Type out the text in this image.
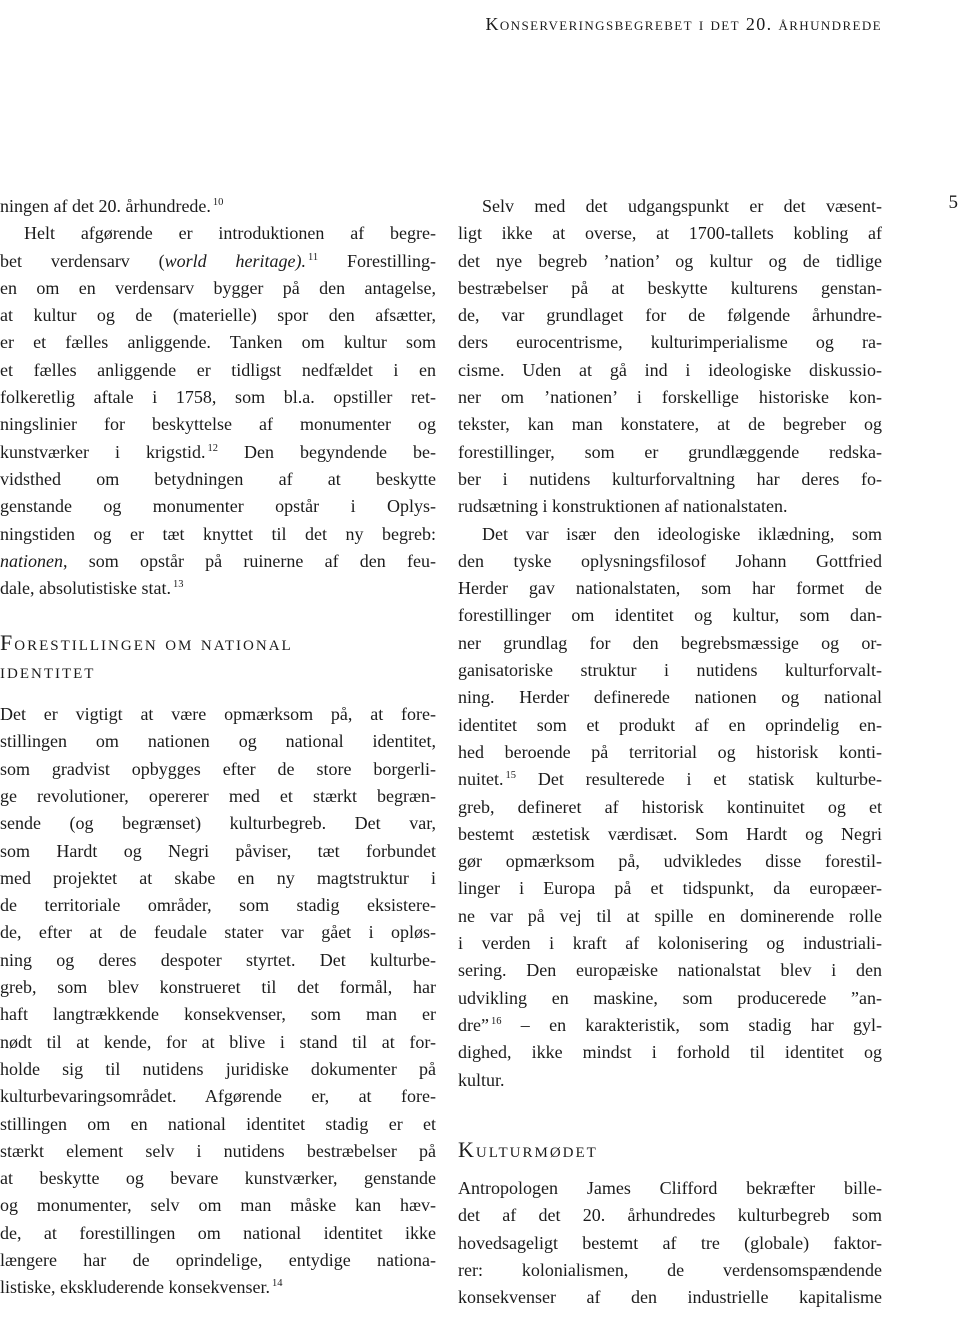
Konserveringsbegrebet i det 20. århundrede
5
ningen af det 20. århundrede. $^{10}$
Helt afgørende er introduktionen af begre-
bet verdensarv (world heritage). $^{11}$ Forestilling-
en om en verdensarv bygger på den antagelse,
at kultur og de (materielle) spor den afsætter,
er et fælles anliggende. Tanken om kultur som
et fælles anliggende er tidligst nedfældet i en
folkeretlig aftale i 1758, som bl.a. opstiller ret-
ningslinier for beskyttelse af monumenter og
kunstværker i krigstid. $^{12}$ Den begyndende be-
vidsthed om betydningen af at beskytte
genstande og monumenter opstår i Oplys-
ningstiden og er tæt knyttet til det ny begreb:
nationen, som opstår på ruinerne af den feu-
dale, absolutistiske stat. $^{13}$
Forestillingen om national
identitet
Det er vigtigt at være opmærksom på, at fore-
stillingen om nationen og national identitet,
som gradvist opbygges efter de store borgerli-
ge revolutioner, opererer med et stærkt begræn-
sende (og begrænset) kulturbegreb. Det var,
som Hardt og Negri påviser, tæt forbundet
med projektet at skabe en ny magtstruktur i
de territoriale områder, som stadig eksistere-
de, efter at de feudale stater var gået i opløs-
ning og deres despoter styrtet. Det kulturbe-
greb, som blev konstrueret til det formål, har
haft langtrækkende konsekvenser, som man er
nødt til at kende, for at blive i stand til at for-
holde sig til nutidens juridiske dokumenter på
kulturbevaringsområdet. Afgørende er, at fore-
stillingen om en national identitet stadig er et
stærkt element selv i nutidens bestræbelser på
at beskytte og bevare kunstværker, genstande
og monumenter, selv om man måske kan hæv-
de, at forestillingen om national identitet ikke
længere har de oprindelige, entydige nationa-
listiske, ekskluderende konsekvenser. $^{14}$
Selv med det udgangspunkt er det væsent-
ligt ikke at overse, at 1700-tallets kobling af
det nye begreb ’nation’ og kultur og de tidlige
bestræbelser på at beskytte kulturens genstan-
de, var grundlaget for de følgende århundre-
ders eurocentrisme, kulturimperialisme og ra-
cisme. Uden at gå ind i ideologiske diskussio-
ner om ’nationen’ i forskellige historiske kon-
tekster, kan man konstatere, at de begreber og
forestillinger, som er grundlæggende redska-
ber i nutidens kulturforvaltning har deres fo-
rudsætning i konstruktionen af nationalstaten.
Det var især den ideologiske iklædning, som
den tyske oplysningsfilosof Johann Gottfried
Herder gav nationalstaten, som har formet de
forestillinger om identitet og kultur, som dan-
ner grundlag for den begrebsmæssige og or-
ganisatoriske struktur i nutidens kulturforvalt-
ning. Herder definerede nationen og national
identitet som et produkt af en oprindelig en-
hed beroende på territorial og historisk konti-
nuitet. $^{15}$ Det resulterede i et statisk kulturbe-
greb, defineret af historisk kontinuitet og et
bestemt æstetisk værdisæt. Som Hardt og Negri
gør opmærksom på, udvikledes disse forestil-
linger i Europa på et tidspunkt, da europæer-
ne var på vej til at spille en dominerende rolle
i verden i kraft af kolonisering og industriali-
sering. Den europæiske nationalstat blev i den
udvikling en maskine, som producerede ”an-
dre” $^{16}$ – en karakteristik, som stadig har gyl-
dighed, ikke mindst i forhold til identitet og
kultur.
Kulturmødet
Antropologen James Clifford bekræfter bille-
det af det 20. århundredes kulturbegreb som
hovedsageligt bestemt af tre (globale) faktor-
rer: kolonialismen, de verdensomspændende
konsekvenser af den industrielle kapitalisme
